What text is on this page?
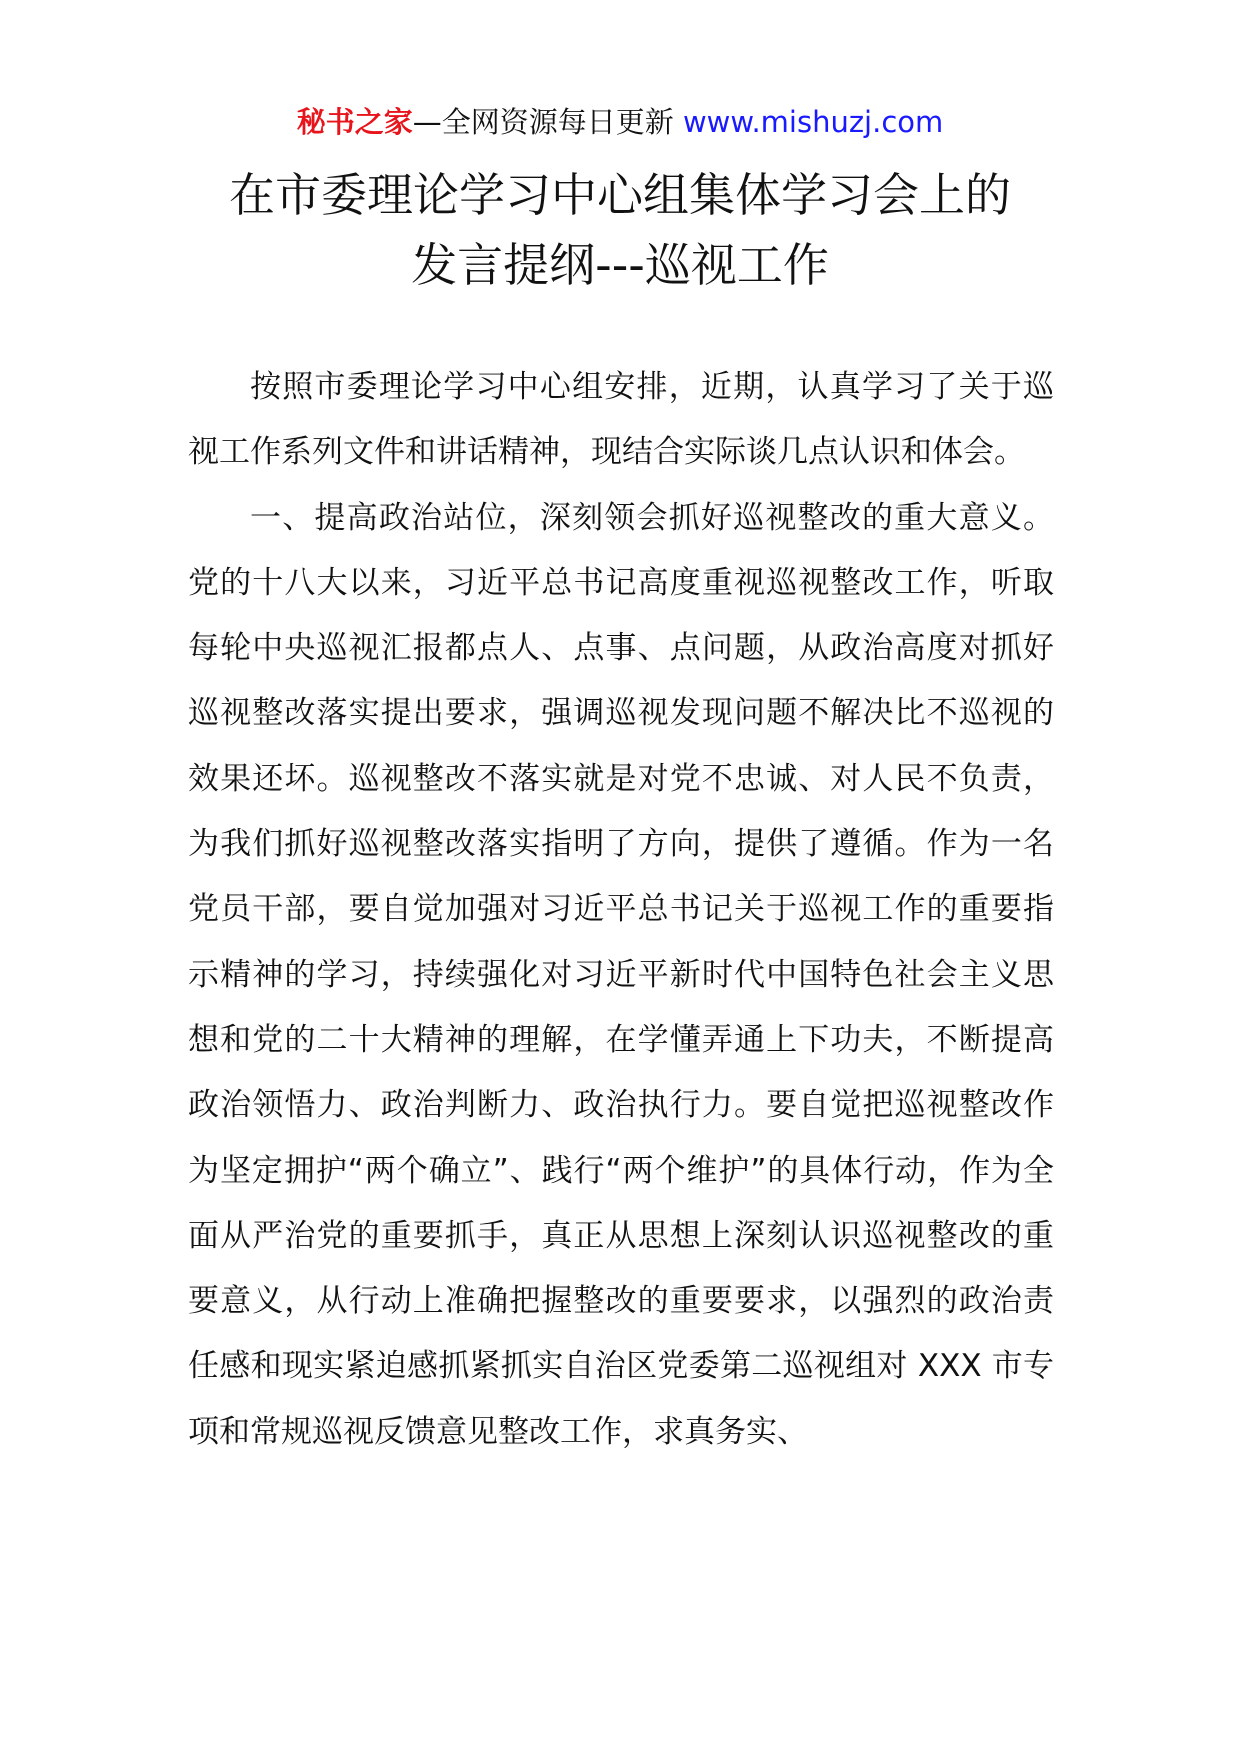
秘书之家—全网资源每日更新 www.mishuzj.com
在市委理论学习中心组集体学习会上的
发言提纲---巡视工作

按照市委理论学习中心组安排，近期，认真学习了关于巡视工作系列文件和讲话精神，现结合实际谈几点认识和体会。

一、提高政治站位，深刻领会抓好巡视整改的重大意义。党的十八大以来，习近平总书记高度重视巡视整改工作，听取每轮中央巡视汇报都点人、点事、点问题，从政治高度对抓好巡视整改落实提出要求，强调巡视发现问题不解决比不巡视的效果还坏。巡视整改不落实就是对党不忠诚、对人民不负责，为我们抓好巡视整改落实指明了方向，提供了遵循。作为一名党员干部，要自觉加强对习近平总书记关于巡视工作的重要指示精神的学习，持续强化对习近平新时代中国特色社会主义思想和党的二十大精神的理解，在学懂弄通上下功夫，不断提高政治领悟力、政治判断力、政治执行力。要自觉把巡视整改作为坚定拥护“两个确立”、践行“两个维护”的具体行动，作为全面从严治党的重要抓手，真正从思想上深刻认识巡视整改的重要意义，从行动上准确把握整改的重要要求，以强烈的政治责任感和现实紧迫感抓紧抓实自治区党委第二巡视组对 XXX 市专项和常规巡视反馈意见整改工作，求真务实、
